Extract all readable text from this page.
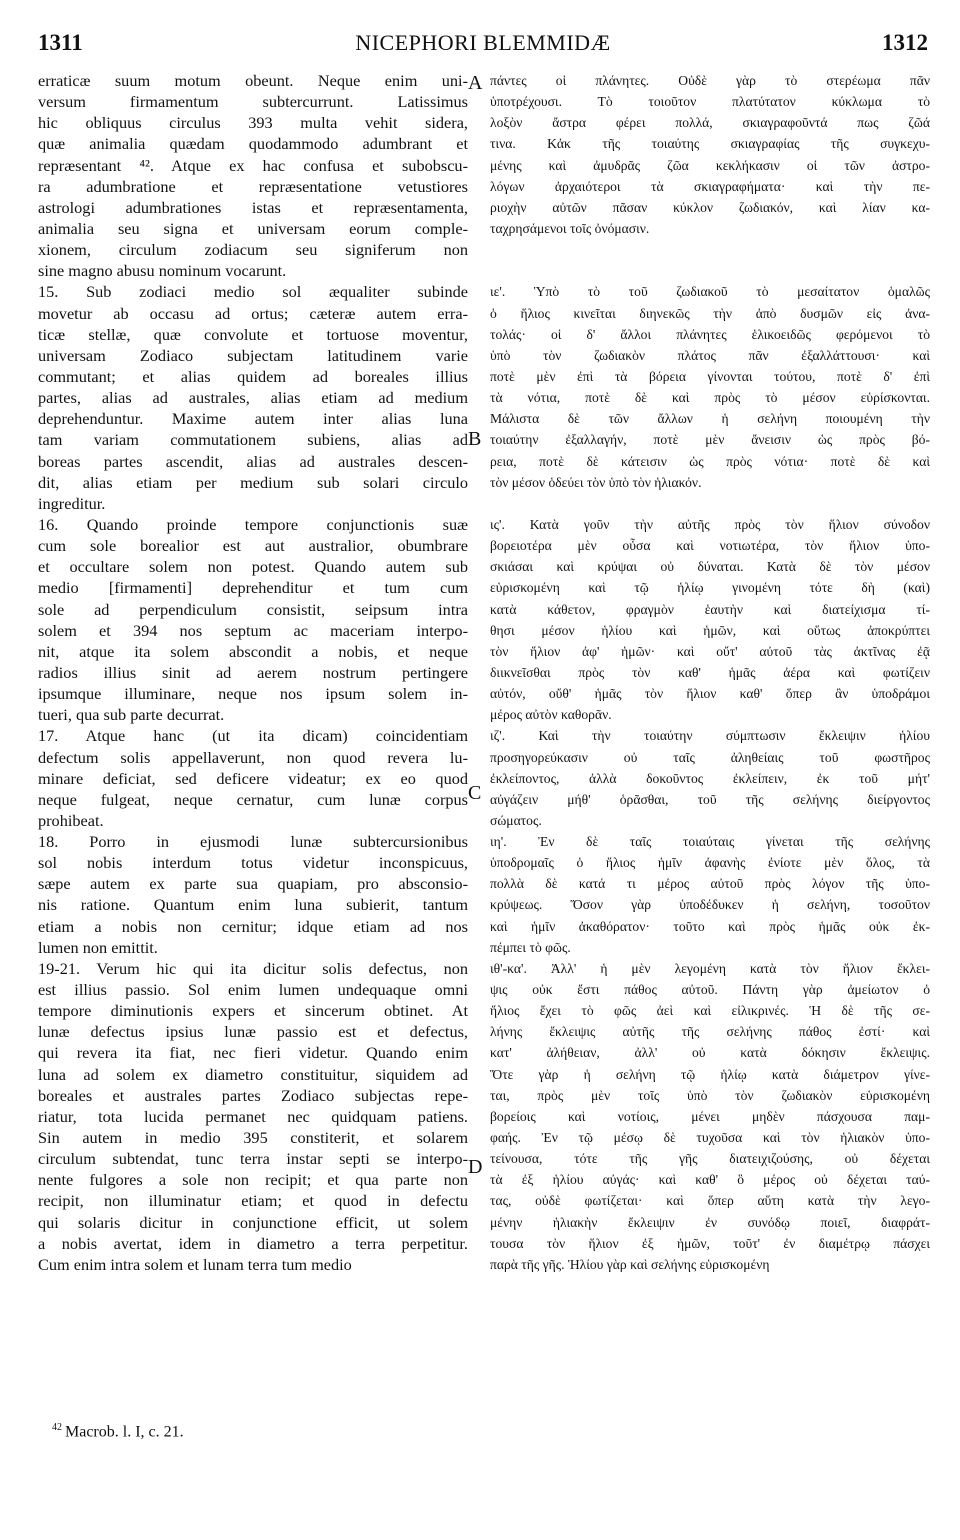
1311	NICEPHORI BLEMMIDÆ	1312
erraticæ suum motum obeunt. Neque enim uni-
versum firmamentum subtercurrunt. Latissimus
hic obliquus circulus 393 multa vehit sidera,
quæ animalia quædam quodammodo adumbrant et
repræsentant ⁴². Atque ex hac confusa et subobscu-
ra adumbratione et repræsentatione vetustiores
astrologi adumbrationes istas et repræsentamenta,
animalia seu signa et universam eorum comple-
xionem, circulum zodiacum seu signiferum non
sine magno abusu nominum vocarunt.
15. Sub zodiaci medio sol æqualiter subinde
movetur ab occasu ad ortus; cæteræ autem erra-
ticæ stellæ, quæ convolute et tortuose moventur,
universam Zodiaco subjectam latitudinem varie
commutant; et alias quidem ad boreales illius
partes, alias ad australes, alias etiam ad medium
deprehenduntur. Maxime autem inter alias luna
tam variam commutationem subiens, alias ad
boreas partes ascendit, alias ad australes descen-
dit, alias etiam per medium sub solari circulo
ingreditur.
16. Quando proinde tempore conjunctionis suæ
cum sole borealior est aut australior, obumbrare
et occultare solem non potest. Quando autem sub
medio [firmamenti] deprehenditur et tum cum
sole ad perpendiculum consistit, seipsum intra
solem et 394 nos septum ac maceriam interpo-
nit, atque ita solem abscondit a nobis, et neque
radios illius sinit ad aerem nostrum pertingere
ipsumque illuminare, neque nos ipsum solem in-
tueri, qua sub parte decurrat.
17. Atque hanc (ut ita dicam) coincidentiam
defectum solis appellaverunt, non quod revera lu-
minare deficiat, sed deficere videatur; ex eo quod
neque fulgeat, neque cernatur, cum lunæ corpus
prohibeat.
18. Porro in ejusmodi lunæ subtercursionibus
sol nobis interdum totus videtur inconspicuus,
sæpe autem ex parte sua quapiam, pro absconsio-
nis ratione. Quantum enim luna subierit, tantum
etiam a nobis non cernitur; idque etiam ad nos
lumen non emittit.
19-21. Verum hic qui ita dicitur solis defectus, non
est illius passio. Sol enim lumen undequaque omni
tempore diminutionis expers et sincerum obtinet. At
lunæ defectus ipsius lunæ passio est et defectus,
qui revera ita fiat, nec fieri videtur. Quando enim
luna ad solem ex diametro constituitur, siquidem ad
boreales et australes partes Zodiaco subjectas repe-
riatur, tota lucida permanet nec quidquam patiens.
Sin autem in medio 395 constiterit, et solarem
circulum subtendat, tunc terra instar septi se interpo-
nente fulgores a sole non recipit; et qua parte non
recipit, non illuminatur etiam; et quod in defectu
qui solaris dicitur in conjunctione efficit, ut solem
a nobis avertat, idem in diametro a terra perpetitur.
Cum enim intra solem et lunam terra tum medio
πάντες οἱ πλάνητες. Οὐδὲ γὰρ τὸ στερέωμα πᾶν
ὑποτρέχουσι. Τὸ τοιοῦτον πλατύτατον κύκλωμα τὸ
λοξὸν ἄστρα φέρει πολλά, σκιαγραφοῦντά πως ζῶά
τινα. Κἀκ τῆς τοιαύτης σκιαγραφίας τῆς συγκεχυ-
μένης καὶ ἀμυδρᾶς ζῶα κεκλήκασιν οἱ τῶν ἀστρο-
λόγων ἀρχαιότεροι τὰ σκιαγραφήματα· καὶ τὴν πε-
ριοχὴν αὐτῶν πᾶσαν κύκλον ζωδιακόν, καὶ λίαν κα-
ταχρησάμενοι τοῖς ὀνόμασιν.
ιε'. Ὑπὸ τὸ τοῦ ζωδιακοῦ τὸ μεσαίτατον ὁμαλῶς
ὁ ἥλιος κινεῖται διηνεκῶς τὴν ἀπὸ δυσμῶν εἰς ἀνα-
τολάς· οἱ δ' ἄλλοι πλάνητες ἑλικοειδῶς φερόμενοι τὸ
ὑπὸ τὸν ζωδιακὸν πλάτος πᾶν ἐξαλλάττουσι· καὶ
ποτὲ μὲν ἐπὶ τὰ βόρεια γίνονται τούτου, ποτὲ δ' ἐπὶ
τὰ νότια, ποτὲ δὲ καὶ πρὸς τὸ μέσον εὑρίσκονται.
Μάλιστα δὲ τῶν ἄλλων ἡ σελήνη ποιουμένη τὴν
τοιαύτην ἐξαλλαγήν, ποτὲ μὲν ἄνεισιν ὡς πρὸς βό-
ρεια, ποτὲ δὲ κάτεισιν ὡς πρὸς νότια· ποτὲ δὲ καὶ
τὸν μέσον ὁδεύει τὸν ὑπὸ τὸν ἡλιακόν.
ις'. Κατὰ γοῦν τὴν αὐτῆς πρὸς τὸν ἥλιον σύνοδον
βορειοτέρα μὲν οὖσα καὶ νοτιωτέρα, τὸν ἥλιον ὑπο-
σκιάσαι καὶ κρύψαι οὐ δύναται. Κατὰ δὲ τὸν μέσον
εὑρισκομένη καὶ τῷ ἡλίῳ γινομένη τότε δὴ (καὶ)
κατὰ κάθετον, φραγμὸν ἑαυτὴν καὶ διατείχισμα τί-
θησι μέσον ἡλίου καὶ ἡμῶν, καὶ οὕτως ἀποκρύπτει
τὸν ἥλιον ἀφ' ἡμῶν· καὶ οὔτ' αὐτοῦ τὰς ἀκτῖνας ἐᾷ
διικνεῖσθαι πρὸς τὸν καθ' ἡμᾶς ἀέρα καὶ φωτίζειν
αὐτόν, οὔθ' ἡμᾶς τὸν ἥλιον καθ' ὅπερ ἂν ὑποδράμοι
μέρος αὐτὸν καθορᾶν.
ιζ'. Καὶ τὴν τοιαύτην σύμπτωσιν ἔκλειψιν ἡλίου
προσηγορεύκασιν οὐ ταῖς ἀληθείαις τοῦ φωστῆρος
ἐκλείποντος, ἀλλὰ δοκοῦντος ἐκλείπειν, ἐκ τοῦ μήτ'
αὐγάζειν μήθ' ὁρᾶσθαι, τοῦ τῆς σελήνης διείργοντος
σώματος.
ιη'. Ἐν δὲ ταῖς τοιαύταις γίνεται τῆς σελήνης
ὑποδρομαῖς ὁ ἥλιος ἡμῖν ἀφανὴς ἐνίοτε μὲν ὅλος, τὰ
πολλὰ δὲ κατά τι μέρος αὐτοῦ πρὸς λόγον τῆς ὑπο-
κρύψεως. Ὅσον γὰρ ὑποδέδυκεν ἡ σελήνη, τοσοῦτον
καὶ ἡμῖν ἀκαθόρατον· τοῦτο καὶ πρὸς ἡμᾶς οὐκ ἐκ-
πέμπει τὸ φῶς.
ιθ'-κα'. Ἀλλ' ἡ μὲν λεγομένη κατὰ τὸν ἥλιον ἔκλει-
ψις οὐκ ἔστι πάθος αὐτοῦ. Πάντη γὰρ ἀμείωτον ὁ
ἥλιος ἔχει τὸ φῶς ἀεὶ καὶ εἰλικρινές. Ἡ δὲ τῆς σε-
λήνης ἔκλειψις αὐτῆς τῆς σελήνης πάθος ἐστί· καὶ
κατ' ἀλήθειαν, ἀλλ' οὐ κατὰ δόκησιν ἔκλειψις.
Ὅτε γὰρ ἡ σελήνη τῷ ἡλίῳ κατὰ διάμετρον γίνε-
ται, πρὸς μὲν τοῖς ὑπὸ τὸν ζωδιακὸν εὑρισκομένη
βορείοις καὶ νοτίοις, μένει μηδὲν πάσχουσα παμ-
φαής. Ἐν τῷ μέσῳ δὲ τυχοῦσα καὶ τὸν ἡλιακὸν ὑπο-
τείνουσα, τότε τῆς γῆς διατειχιζούσης, οὐ δέχεται
τὰ ἐξ ἡλίου αὐγάς· καὶ καθ' ὃ μέρος οὐ δέχεται ταύ-
τας, οὐδὲ φωτίζεται· καὶ ὅπερ αὕτη κατὰ τὴν λεγο-
μένην ἡλιακὴν ἔκλειψιν ἐν συνόδῳ ποιεῖ, διαφράτ-
τουσα τὸν ἥλιον ἐξ ἡμῶν, τοῦτ' ἐν διαμέτρῳ πάσχει
παρὰ τῆς γῆς. Ἡλίου γὰρ καὶ σελήνης εὑρισκομένη
A
B
C
D
$^{42}$ Macrob. l. I, c. 21.
